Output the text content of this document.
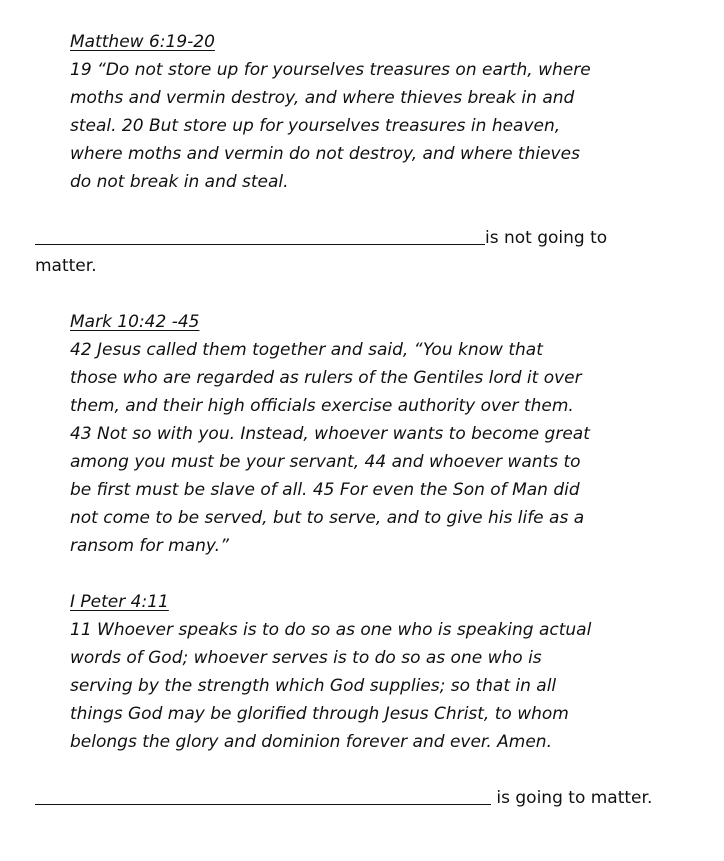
Matthew 6:19-20
19 “Do not store up for yourselves treasures on earth, where
moths and vermin destroy, and where thieves break in and
steal. 20 But store up for yourselves treasures in heaven,
where moths and vermin do not destroy, and where thieves
do not break in and steal.
is not going to
matter.
Mark 10:42 -45
42 Jesus called them together and said, “You know that
those who are regarded as rulers of the Gentiles lord it over
them, and their high officials exercise authority over them.
43 Not so with you. Instead, whoever wants to become great
among you must be your servant, 44 and whoever wants to
be first must be slave of all. 45 For even the Son of Man did
not come to be served, but to serve, and to give his life as a
ransom for many.”
I Peter 4:11
11 Whoever speaks is to do so as one who is speaking actual
words of God; whoever serves is to do so as one who is
serving by the strength which God supplies; so that in all
things God may be glorified through Jesus Christ, to whom
belongs the glory and dominion forever and ever. Amen.
is going to matter.
